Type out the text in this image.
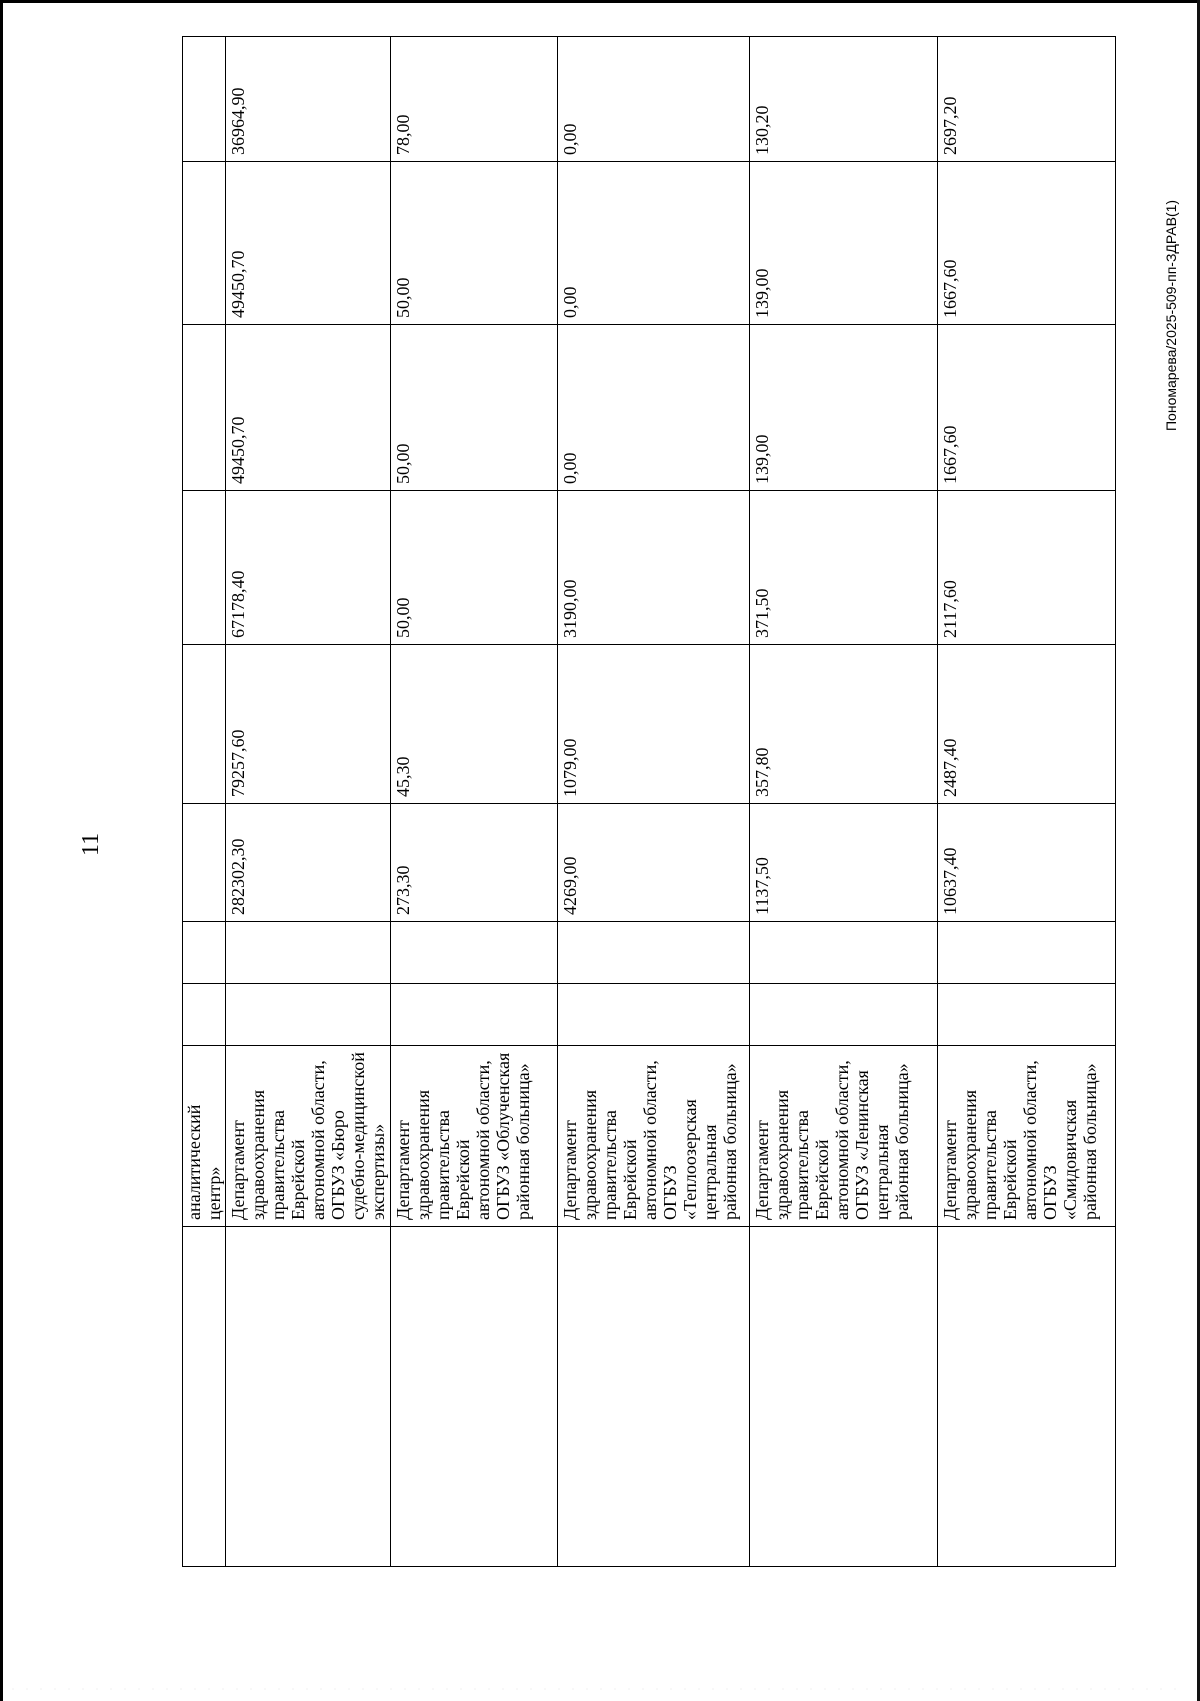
11
	аналитический центр»								
	Департамент здравоохранения правительства Еврейской автономной области, ОГБУЗ «Бюро судебно-медицинской экспертизы»			282302,30	79257,60	67178,40	49450,70	49450,70	36964,90
	Департамент здравоохранения правительства Еврейской автономной области, ОГБУЗ «Облученская районная больница»			273,30	45,30	50,00	50,00	50,00	78,00
	Департамент здравоохранения правительства Еврейской автономной области, ОГБУЗ «Теплоозерская центральная районная больница»			4269,00	1079,00	3190,00	0,00	0,00	0,00
	Департамент здравоохранения правительства Еврейской автономной области, ОГБУЗ «Ленинская центральная районная больница»			1137,50	357,80	371,50	139,00	139,00	130,20
	Департамент здравоохранения правительства Еврейской автономной области, ОГБУЗ «Смидовичская районная больница»			10637,40	2487,40	2117,60	1667,60	1667,60	2697,20
Пономарева/2025-509-пп-ЗДРАВ(1)
